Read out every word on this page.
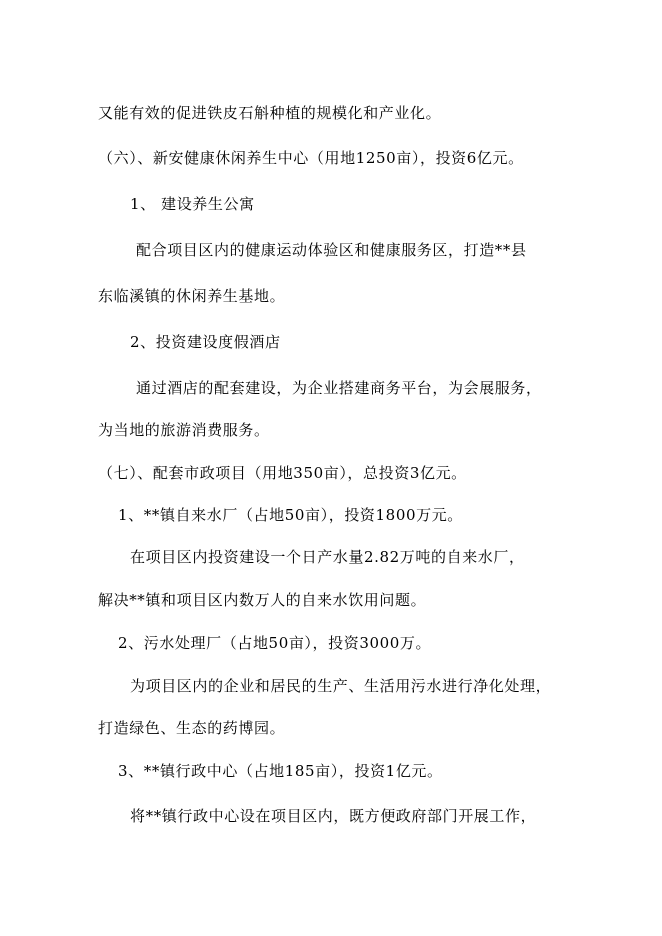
又能有效的促进铁皮石斛种植的规模化和产业化。
（六）、新安健康休闲养生中心（用地1250亩），投资6亿元。
1、 建设养生公寓
配合项目区内的健康运动体验区和健康服务区，打造**县
东临溪镇的休闲养生基地。
2、投资建设度假酒店
通过酒店的配套建设，为企业搭建商务平台，为会展服务，
为当地的旅游消费服务。
（七）、配套市政项目（用地350亩），总投资3亿元。
1、**镇自来水厂（占地50亩），投资1800万元。
在项目区内投资建设一个日产水量2.82万吨的自来水厂，
解决**镇和项目区内数万人的自来水饮用问题。
2、污水处理厂（占地50亩），投资3000万。
为项目区内的企业和居民的生产、生活用污水进行净化处理，
打造绿色、生态的药博园。
3、**镇行政中心（占地185亩），投资1亿元。
将**镇行政中心设在项目区内，既方便政府部门开展工作，
